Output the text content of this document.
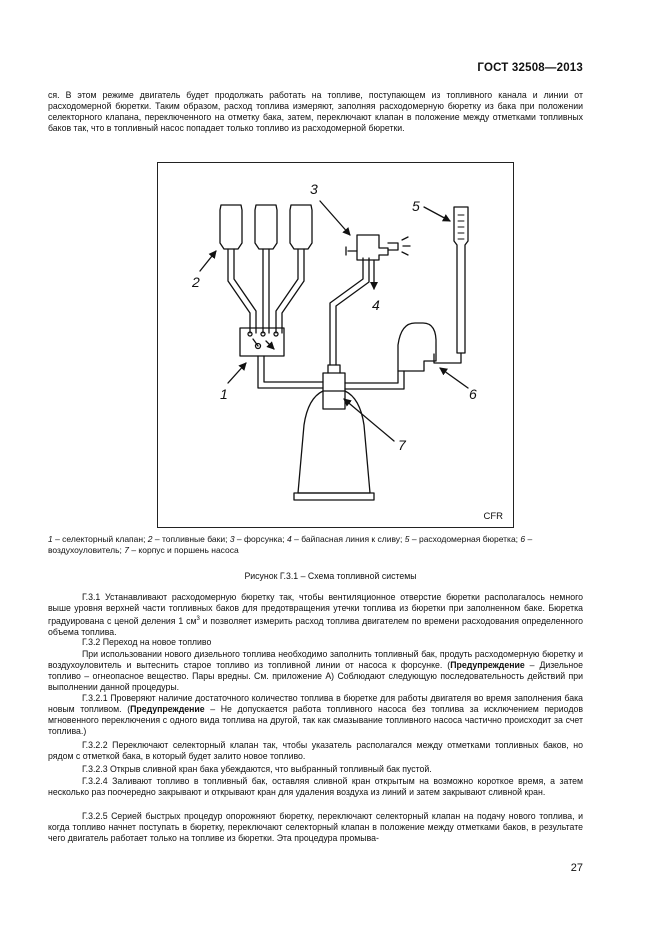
ГОСТ 32508—2013

ся. В этом режиме двигатель будет продолжать работать на топливе, поступающем из топливного канала и линии от расходомерной бюретки. Таким образом, расход топлива измеряют, заполняя расходомерную бюретку из бака при положении селекторного клапана, переключенного на отметку бака, затем, переключают клапан в положение между отметками топливных баков так, что в топливный насос попадает только топливо из расходомерной бюретки.

1
2
3
4
5
6
7
CFR

1 – селекторный клапан; 2 – топливные баки; 3 – форсунка; 4 – байпасная линия к сливу; 5 – расходомерная бюретка; 6 – воздухоуловитель; 7 – корпус и поршень насоса

Рисунок Г.3.1 – Схема топливной системы

Г.3.1 Устанавливают расходомерную бюретку так, чтобы вентиляционное отверстие бюретки располагалось немного выше уровня верхней части топливных баков для предотвращения утечки топлива из бюретки при заполненном баке. Бюретка градуирована с ценой деления 1 $см^3$ и позволяет измерить расход топлива двигателем по времени расходования определенного объема топлива.

Г.3.2 Переход на новое топливо

При использовании нового дизельного топлива необходимо заполнить топливный бак, продуть расходомерную бюретку и воздухоуловитель и вытеснить старое топливо из топливной линии от насоса к форсунке. (Предупреждение – Дизельное топливо – огнеопасное вещество. Пары вредны. См. приложение А) Соблюдают следующую последовательность действий при выполнении данной процедуры.

Г.3.2.1 Проверяют наличие достаточного количество топлива в бюретке для работы двигателя во время заполнения бака новым топливом. (Предупреждение – Не допускается работа топливного насоса без топлива за исключением периодов мгновенного переключения с одного вида топлива на другой, так как смазывание топливного насоса частично происходит за счет топлива.)

Г.3.2.2 Переключают селекторный клапан так, чтобы указатель располагался между отметками топливных баков, но рядом с отметкой бака, в который будет залито новое топливо.

Г.3.2.3 Открыв сливной кран бака убеждаются, что выбранный топливный бак пустой.

Г.3.2.4 Заливают топливо в топливный бак, оставляя сливной кран открытым на возможно короткое время, а затем несколько раз поочередно закрывают и открывают кран для удаления воздуха из линий и затем закрывают сливной кран.

Г.3.2.5 Серией быстрых процедур опорожняют бюретку, переключают селекторный клапан на подачу нового топлива, и когда топливо начнет поступать в бюретку, переключают селекторный клапан в положение между отметками баков, в результате чего двигатель работает только на топливе из бюретки. Эта процедура промыва-

27
